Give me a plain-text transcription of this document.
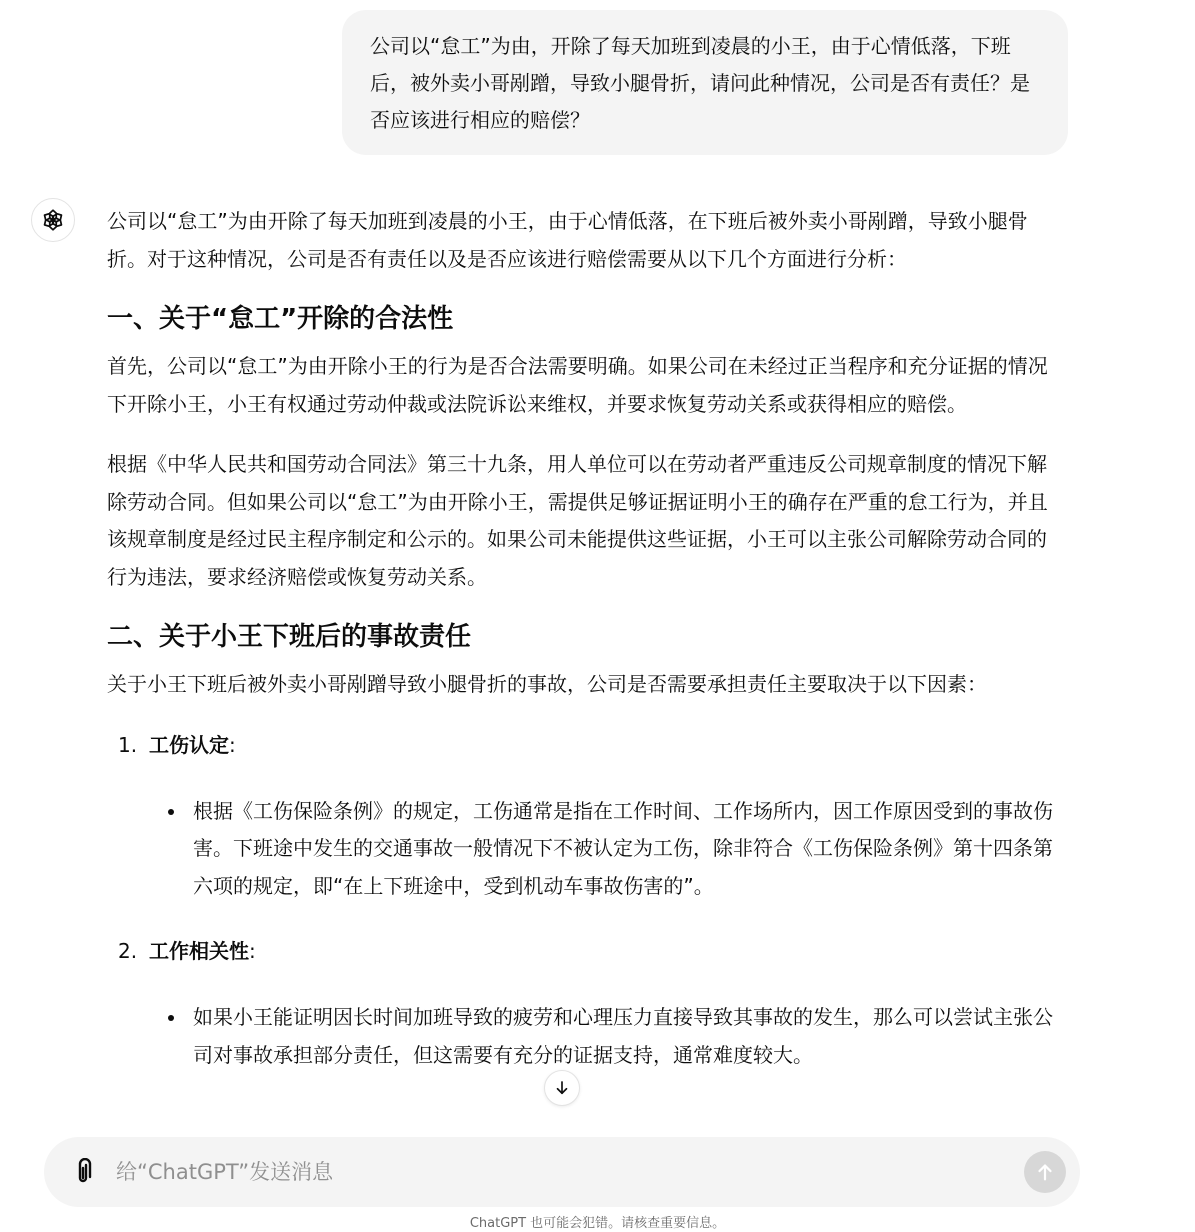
公司以“怠工”为由，开除了每天加班到凌晨的小王，由于心情低落，下班后，被外卖小哥剐蹭，导致小腿骨折，请问此种情况，公司是否有责任？是否应该进行相应的赔偿？

公司以“怠工”为由开除了每天加班到凌晨的小王，由于心情低落，在下班后被外卖小哥剐蹭，导致小腿骨折。对于这种情况，公司是否有责任以及是否应该进行赔偿需要从以下几个方面进行分析：

一、关于“怠工”开除的合法性

首先，公司以“怠工”为由开除小王的行为是否合法需要明确。如果公司在未经过正当程序和充分证据的情况下开除小王，小王有权通过劳动仲裁或法院诉讼来维权，并要求恢复劳动关系或获得相应的赔偿。

根据《中华人民共和国劳动合同法》第三十九条，用人单位可以在劳动者严重违反公司规章制度的情况下解除劳动合同。但如果公司以“怠工”为由开除小王，需提供足够证据证明小王的确存在严重的怠工行为，并且该规章制度是经过民主程序制定和公示的。如果公司未能提供这些证据，小王可以主张公司解除劳动合同的行为违法，要求经济赔偿或恢复劳动关系。

二、关于小王下班后的事故责任

关于小王下班后被外卖小哥剐蹭导致小腿骨折的事故，公司是否需要承担责任主要取决于以下因素：

1. 工伤认定:
根据《工伤保险条例》的规定，工伤通常是指在工作时间、工作场所内，因工作原因受到的事故伤害。下班途中发生的交通事故一般情况下不被认定为工伤，除非符合《工伤保险条例》第十四条第六项的规定，即“在上下班途中，受到机动车事故伤害的”。
2. 工作相关性:
如果小王能证明因长时间加班导致的疲劳和心理压力直接导致其事故的发生，那么可以尝试主张公司对事故承担部分责任，但这需要有充分的证据支持，通常难度较大。
给“ChatGPT”发送消息
ChatGPT 也可能会犯错。请核查重要信息。
